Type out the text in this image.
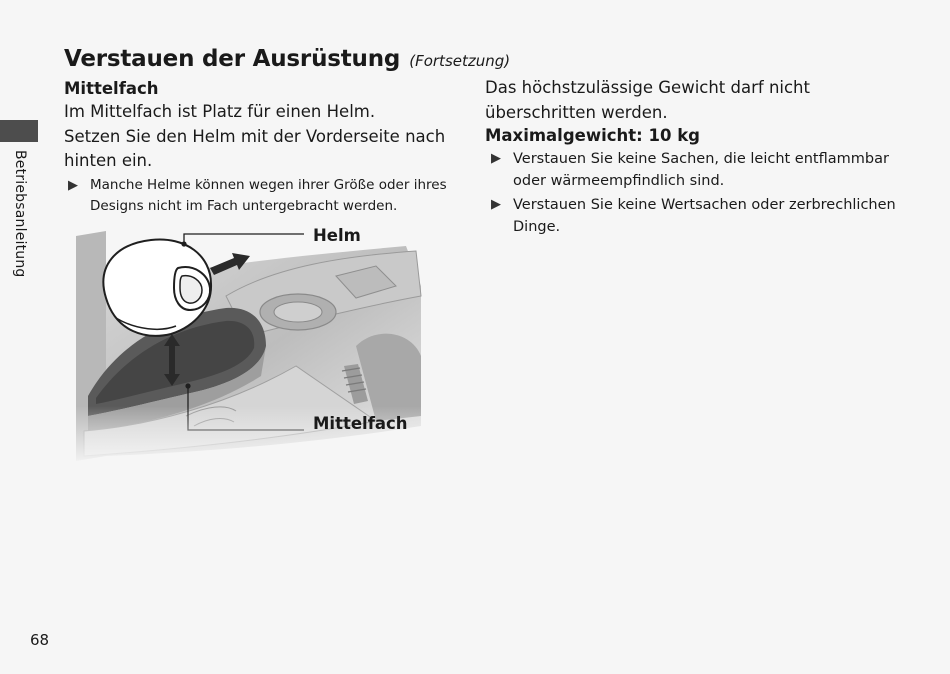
Betriebsanleitung
Verstauen der Ausrüstung (Fortsetzung)
Mittelfach

Im Mittelfach ist Platz für einen Helm.

Setzen Sie den Helm mit der Vorderseite nach hinten ein.

▶ Manche Helme können wegen ihrer Größe oder ihres Designs nicht im Fach untergebracht werden.
Helm
Mittelfach

Das höchstzulässige Gewicht darf nicht überschritten werden.

Maximalgewicht: 10 kg
▶ Verstauen Sie keine Sachen, die leicht entflammbar oder wärmeempfindlich sind.
▶ Verstauen Sie keine Wertsachen oder zerbrechlichen Dinge.
68
